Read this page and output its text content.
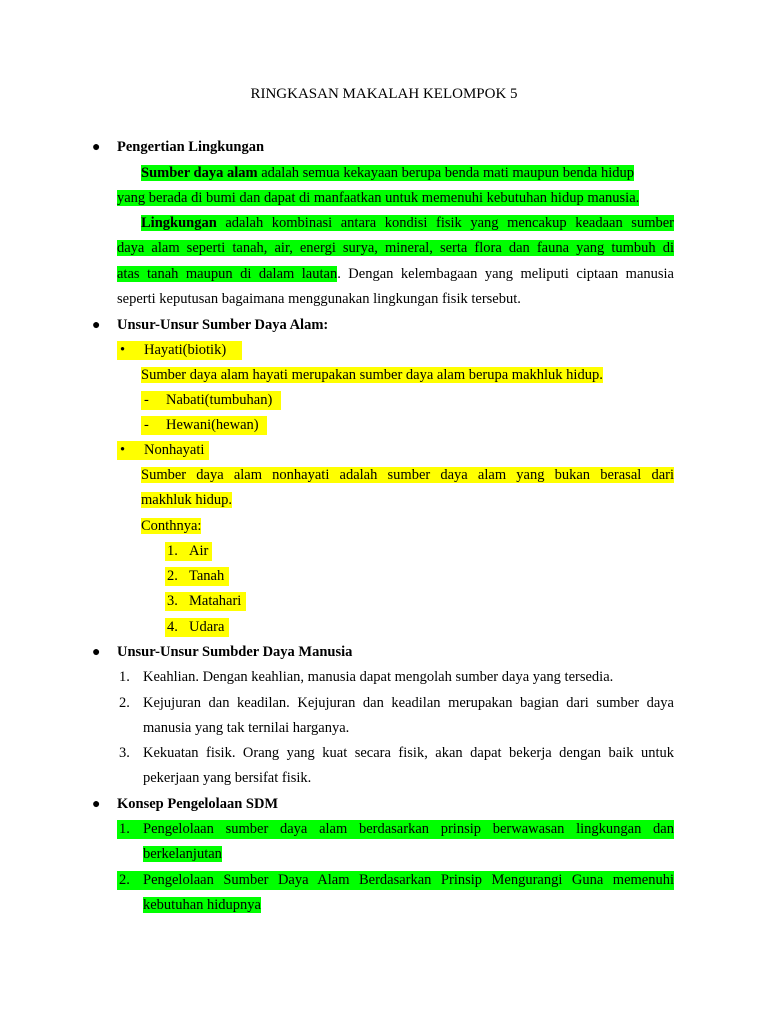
RINGKASAN MAKALAH KELOMPOK 5
● Pengertian Lingkungan
Sumber daya alam adalah semua kekayaan berupa benda mati maupun benda hidup
yang berada di bumi dan dapat di manfaatkan untuk memenuhi kebutuhan hidup manusia.
Lingkungan adalah kombinasi antara kondisi fisik yang mencakup keadaan sumber
daya alam seperti tanah, air, energi surya, mineral, serta flora dan fauna yang tumbuh di
atas tanah maupun di dalam lautan. Dengan kelembagaan yang meliputi ciptaan manusia
seperti keputusan bagaimana menggunakan lingkungan fisik tersebut.
● Unsur-Unsur Sumber Daya Alam:
• Hayati(biotik)
Sumber daya alam hayati merupakan sumber daya alam berupa makhluk hidup.
- Nabati(tumbuhan)
- Hewani(hewan)
• Nonhayati
Sumber daya alam nonhayati adalah sumber daya alam yang bukan berasal dari
makhluk hidup.
Conthnya:
1. Air
2. Tanah
3. Matahari
4. Udara
● Unsur-Unsur Sumbder Daya Manusia
1. Keahlian. Dengan keahlian, manusia dapat mengolah sumber daya yang tersedia.
2. Kejujuran dan keadilan. Kejujuran dan keadilan merupakan bagian dari sumber daya
manusia yang tak ternilai harganya.
3. Kekuatan fisik. Orang yang kuat secara fisik, akan dapat bekerja dengan baik untuk
pekerjaan yang bersifat fisik.
● Konsep Pengelolaan SDM
1. Pengelolaan sumber daya alam berdasarkan prinsip berwawasan lingkungan dan
berkelanjutan
2. Pengelolaan Sumber Daya Alam Berdasarkan Prinsip Mengurangi Guna memenuhi
kebutuhan hidupnya
